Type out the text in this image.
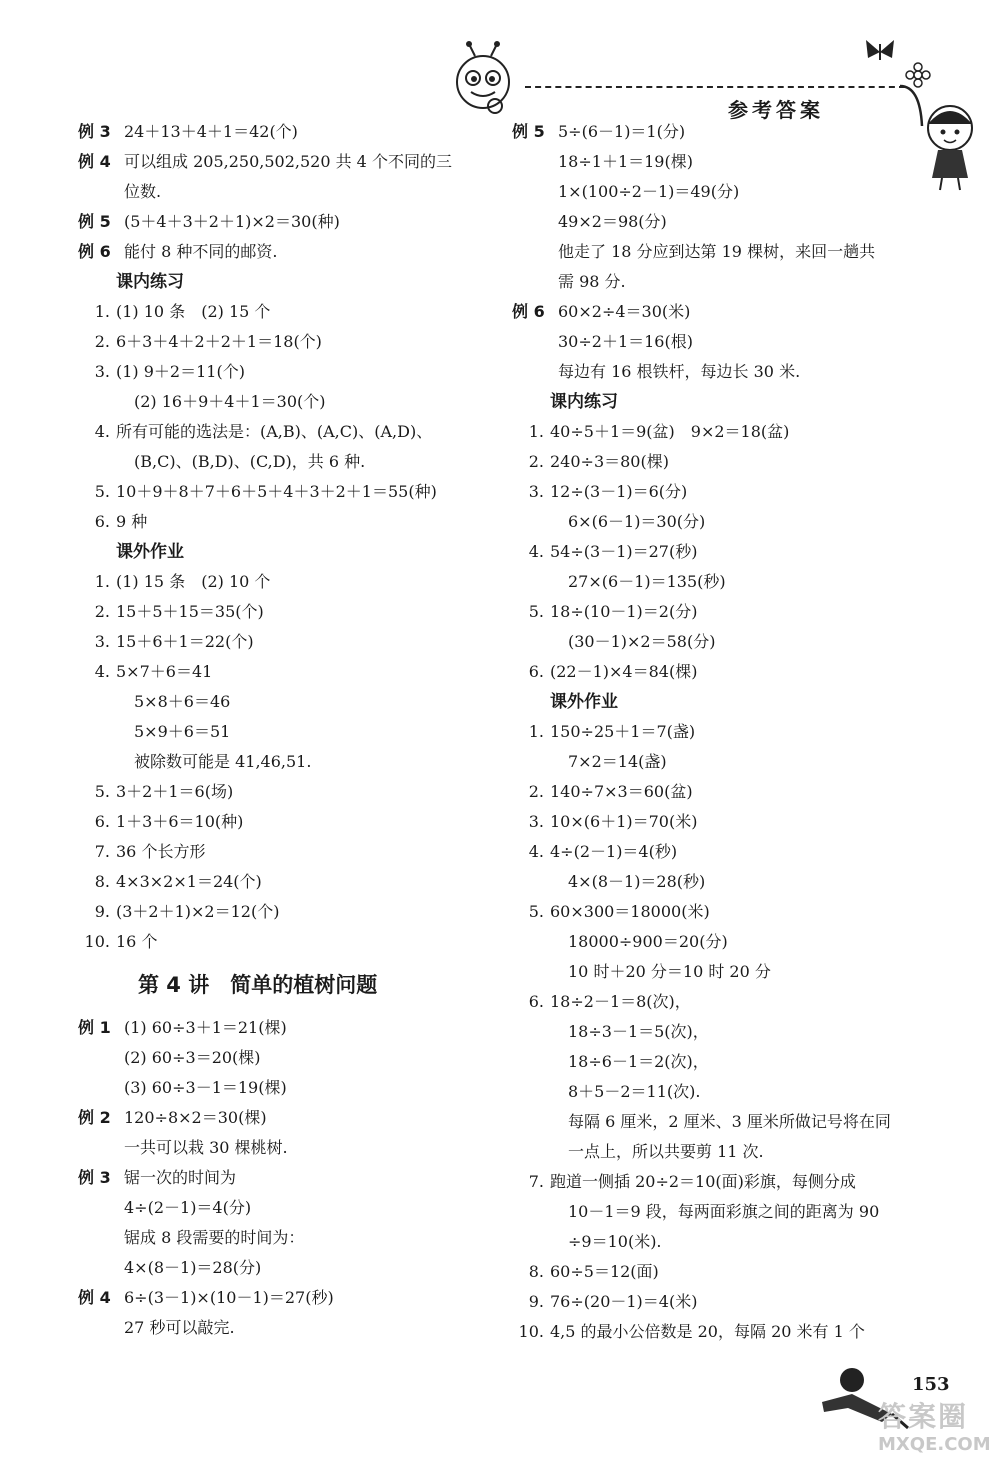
参考答案
例 3 24＋13＋4＋1＝42(个)
例 4 可以组成 205,250,502,520 共 4 个不同的三
位数.
例 5 (5＋4＋3＋2＋1)×2＝30(种)
例 6 能付 8 种不同的邮资.
课内练习
1. (1) 10 条　(2) 15 个
2. 6＋3＋4＋2＋2＋1＝18(个)
3. (1) 9＋2＝11(个)
(2) 16＋9＋4＋1＝30(个)
4. 所有可能的选法是：(A,B)、(A,C)、(A,D)、
(B,C)、(B,D)、(C,D)，共 6 种.
5. 10＋9＋8＋7＋6＋5＋4＋3＋2＋1＝55(种)
6. 9 种
课外作业
1. (1) 15 条　(2) 10 个
2. 15＋5＋15＝35(个)
3. 15＋6＋1＝22(个)
4. 5×7＋6＝41
5×8＋6＝46
5×9＋6＝51
被除数可能是 41,46,51.
5. 3＋2＋1＝6(场)
6. 1＋3＋6＝10(种)
7. 36 个长方形
8. 4×3×2×1＝24(个)
9. (3＋2＋1)×2＝12(个)
10. 16 个
第 4 讲　简单的植树问题
例 1 (1) 60÷3＋1＝21(棵)
(2) 60÷3＝20(棵)
(3) 60÷3－1＝19(棵)
例 2 120÷8×2＝30(棵)
一共可以栽 30 棵桃树.
例 3 锯一次的时间为
4÷(2－1)＝4(分)
锯成 8 段需要的时间为：
4×(8－1)＝28(分)
例 4 6÷(3－1)×(10－1)＝27(秒)
27 秒可以敲完.
例 5 5÷(6－1)＝1(分)
18÷1＋1＝19(棵)
1×(100÷2－1)＝49(分)
49×2＝98(分)
他走了 18 分应到达第 19 棵树，来回一趟共
需 98 分.
例 6 60×2÷4＝30(米)
30÷2＋1＝16(根)
每边有 16 根铁杆，每边长 30 米.
课内练习
1. 40÷5＋1＝9(盆)　9×2＝18(盆)
2. 240÷3＝80(棵)
3. 12÷(3－1)＝6(分)
6×(6－1)＝30(分)
4. 54÷(3－1)＝27(秒)
27×(6－1)＝135(秒)
5. 18÷(10－1)＝2(分)
(30－1)×2＝58(分)
6. (22－1)×4＝84(棵)
课外作业
1. 150÷25＋1＝7(盏)
7×2＝14(盏)
2. 140÷7×3＝60(盆)
3. 10×(6＋1)＝70(米)
4. 4÷(2－1)＝4(秒)
4×(8－1)＝28(秒)
5. 60×300＝18000(米)
18000÷900＝20(分)
10 时＋20 分＝10 时 20 分
6. 18÷2－1＝8(次)，
18÷3－1＝5(次)，
18÷6－1＝2(次)，
8＋5－2＝11(次).
每隔 6 厘米，2 厘米、3 厘米所做记号将在同
一点上，所以共要剪 11 次.
7. 跑道一侧插 20÷2＝10(面)彩旗，每侧分成
10－1＝9 段，每两面彩旗之间的距离为 90
÷9＝10(米).
8. 60÷5＝12(面)
9. 76÷(20－1)＝4(米)
10. 4,5 的最小公倍数是 20，每隔 20 米有 1 个
153
答案圈
MXQE.COM
